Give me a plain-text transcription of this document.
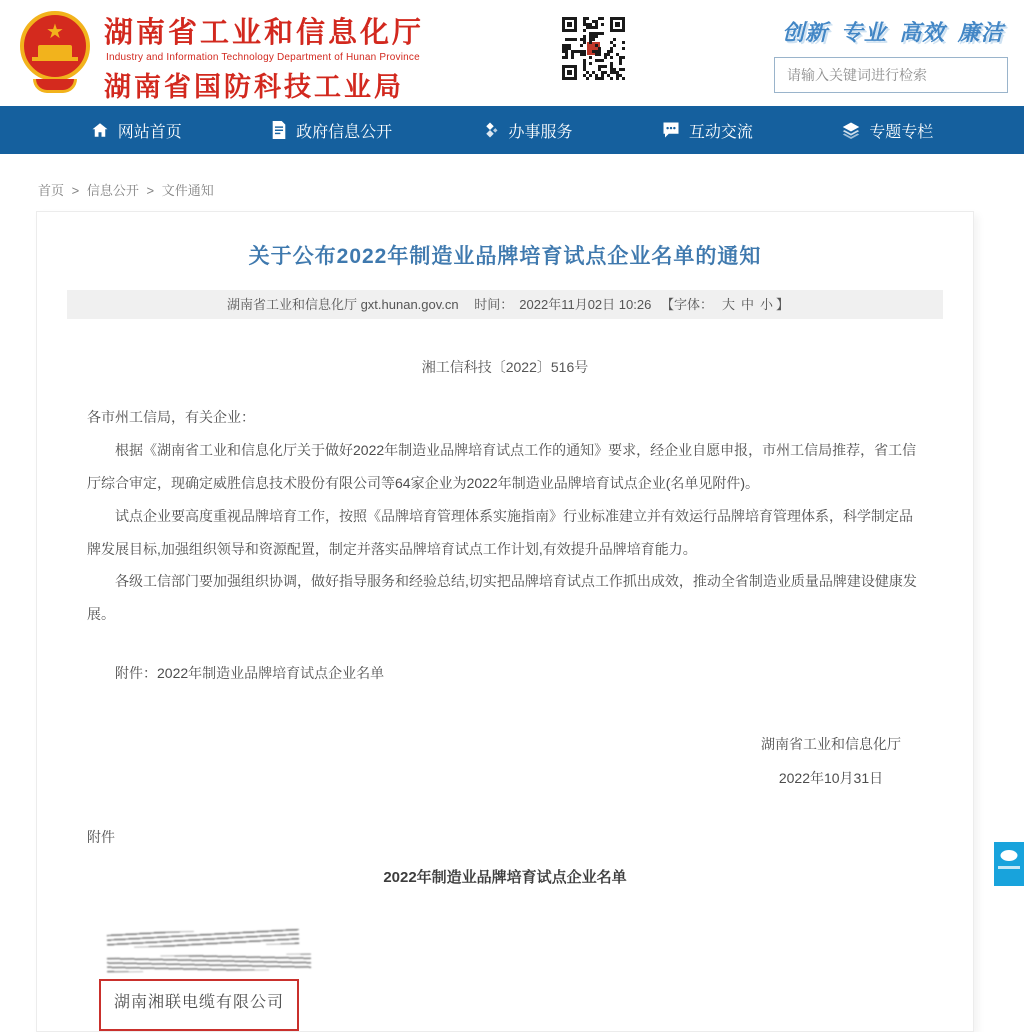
★ 湖南省工业和信息化厅
Industry and Information Technology Department of Hunan Province
湖南省国防科技工业局
创新 专业 高效 廉洁
请输入关键词进行检索
网站首页	政府信息公开	办事服务	互动交流	专题专栏
首页 > 信息公开 > 文件通知
关于公布2022年制造业品牌培育试点企业名单的通知
湖南省工业和信息化厅 gxt.hunan.gov.cn 时间： 2022年11月02日 10:26 【字体： 大 中 小 】
湘工信科技〔2022〕516号

各市州工信局，有关企业：

根据《湖南省工业和信息化厅关于做好2022年制造业品牌培育试点工作的通知》要求，经企业自愿申报，市州工信局推荐，省工信厅综合审定，现确定威胜信息技术股份有限公司等64家企业为2022年制造业品牌培育试点企业(名单见附件)。

试点企业要高度重视品牌培育工作，按照《品牌培育管理体系实施指南》行业标准建立并有效运行品牌培育管理体系，科学制定品牌发展目标,加强组织领导和资源配置，制定并落实品牌培育试点工作计划,有效提升品牌培育能力。

各级工信部门要加强组织协调，做好指导服务和经验总结,切实把品牌培育试点工作抓出成效，推动全省制造业质量品牌建设健康发展。

附件：2022年制造业品牌培育试点企业名单

湖南省工业和信息化厅
2022年10月31日
附件
2022年制造业品牌培育试点企业名单
湖南湘联电缆有限公司
